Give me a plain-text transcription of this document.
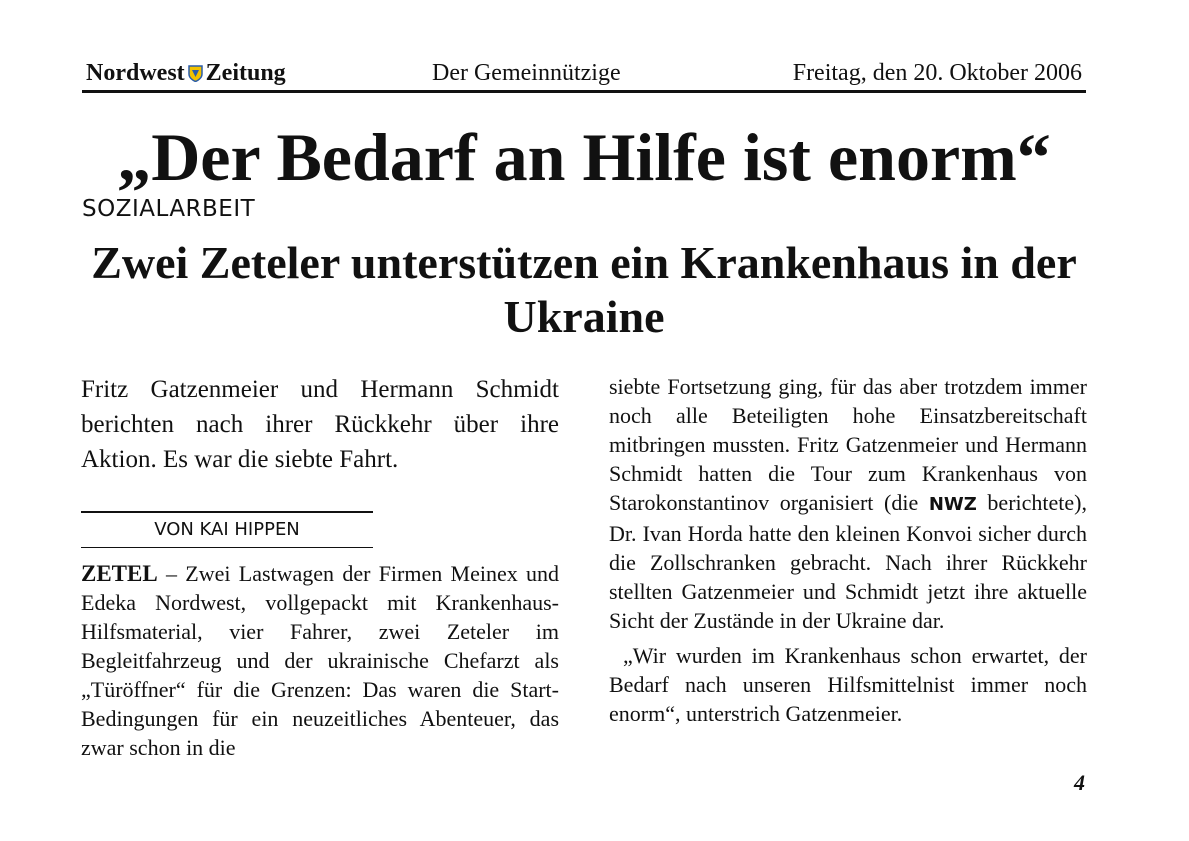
Nordwest Zeitung	Der Gemeinnützige	Freitag, den 20. Oktober 2006
„Der Bedarf an Hilfe ist enorm“
SOZIALARBEIT
Zwei Zeteler unterstützen ein Krankenhaus in der Ukraine

Fritz Gatzenmeier und Hermann Schmidt berichten nach ihrer Rückkehr über ihre Aktion. Es war die siebte Fahrt.

VON KAI HIPPEN

ZETEL – Zwei Lastwagen der Firmen Meinex und Edeka Nordwest, vollgepackt mit Krankenhaus-Hilfsmaterial, vier Fahrer, zwei Zeteler im Begleitfahrzeug und der ukrainische Chefarzt als „Türöffner“ für die Grenzen: Das waren die Start-Bedingungen für ein neuzeitliches Abenteuer, das zwar schon in die

siebte Fortsetzung ging, für das aber trotzdem immer noch alle Beteiligten hohe Einsatzbereitschaft mitbringen mussten. Fritz Gatzenmeier und Hermann Schmidt hatten die Tour zum Krankenhaus von Starokonstantinov organisiert (die NWZ berichtete), Dr. Ivan Horda hatte den kleinen Konvoi sicher durch die Zollschranken gebracht. Nach ihrer Rückkehr stellten Gatzenmeier und Schmidt jetzt ihre aktuelle Sicht der Zustände in der Ukraine dar.

„Wir wurden im Krankenhaus schon erwartet, der Bedarf nach unseren Hilfsmittelnist immer noch enorm“, unterstrich Gatzenmeier.

4
